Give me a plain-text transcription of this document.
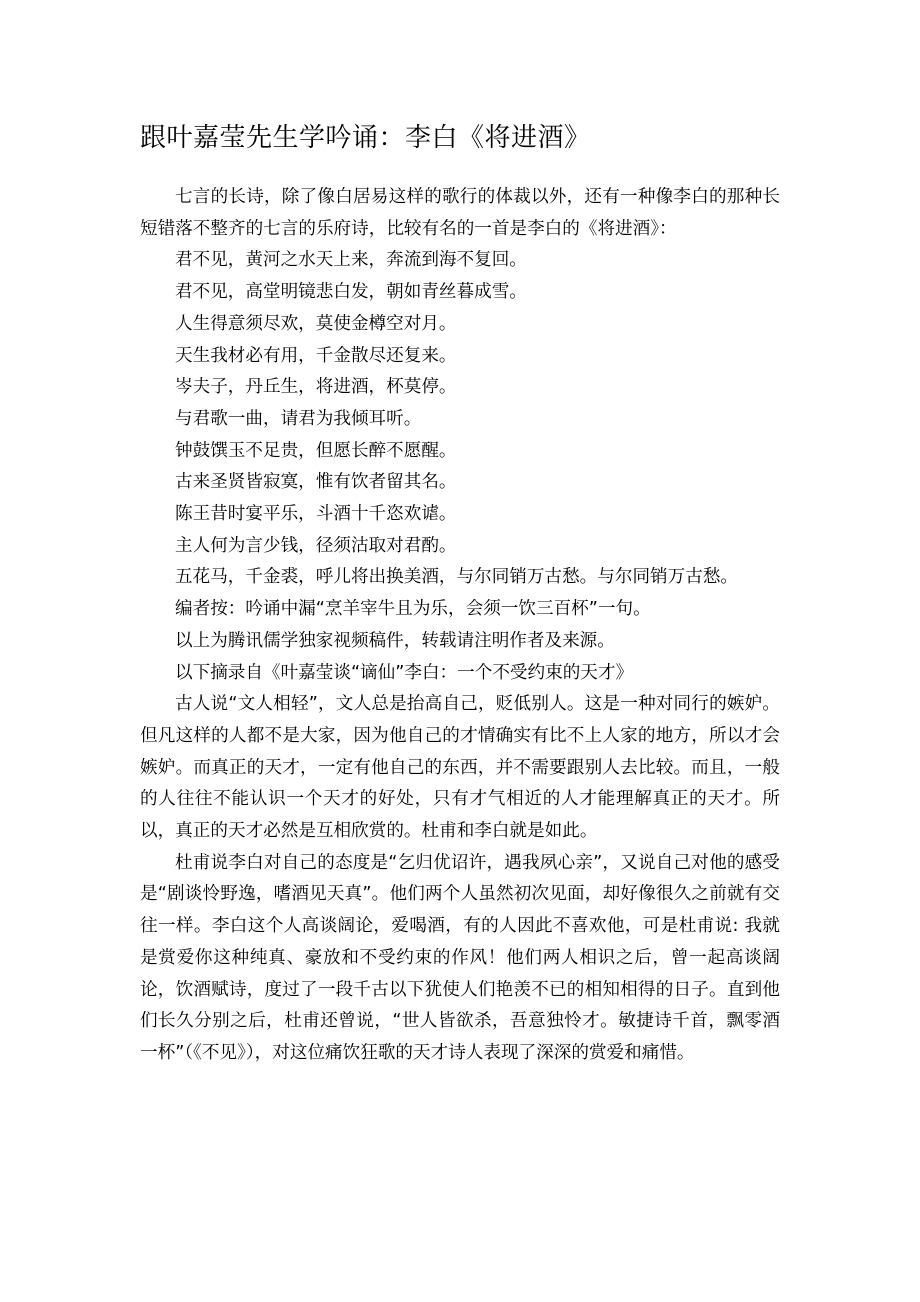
跟叶嘉莹先生学吟诵：李白《将进酒》

七言的长诗，除了像白居易这样的歌行的体裁以外，还有一种像李白的那种长短错落不整齐的七言的乐府诗，比较有名的一首是李白的《将进酒》：

君不见，黄河之水天上来，奔流到海不复回。

君不见，高堂明镜悲白发，朝如青丝暮成雪。

人生得意须尽欢，莫使金樽空对月。

天生我材必有用，千金散尽还复来。

岑夫子，丹丘生，将进酒，杯莫停。

与君歌一曲，请君为我倾耳听。

钟鼓馔玉不足贵，但愿长醉不愿醒。

古来圣贤皆寂寞，惟有饮者留其名。

陈王昔时宴平乐，斗酒十千恣欢谑。

主人何为言少钱，径须沽取对君酌。

五花马，千金裘，呼儿将出换美酒，与尔同销万古愁。与尔同销万古愁。

编者按：吟诵中漏“烹羊宰牛且为乐，会须一饮三百杯”一句。

以上为腾讯儒学独家视频稿件，转载请注明作者及来源。

以下摘录自《叶嘉莹谈“谪仙”李白：一个不受约束的天才》

古人说“文人相轻”，文人总是抬高自己，贬低别人。这是一种对同行的嫉妒。但凡这样的人都不是大家，因为他自己的才情确实有比不上人家的地方，所以才会嫉妒。而真正的天才，一定有他自己的东西，并不需要跟别人去比较。而且，一般的人往往不能认识一个天才的好处，只有才气相近的人才能理解真正的天才。所以，真正的天才必然是互相欣赏的。杜甫和李白就是如此。

杜甫说李白对自己的态度是“乞归优诏许，遇我夙心亲”，又说自己对他的感受是“剧谈怜野逸，嗜酒见天真”。他们两个人虽然初次见面，却好像很久之前就有交往一样。李白这个人高谈阔论，爱喝酒，有的人因此不喜欢他，可是杜甫说: 我就是赏爱你这种纯真、豪放和不受约束的作风！他们两人相识之后，曾一起高谈阔论，饮酒赋诗，度过了一段千古以下犹使人们艳羡不已的相知相得的日子。直到他们长久分别之后，杜甫还曾说，“世人皆欲杀，吾意独怜才。敏捷诗千首，飘零酒一杯”（《不见》），对这位痛饮狂歌的天才诗人表现了深深的赏爱和痛惜。
